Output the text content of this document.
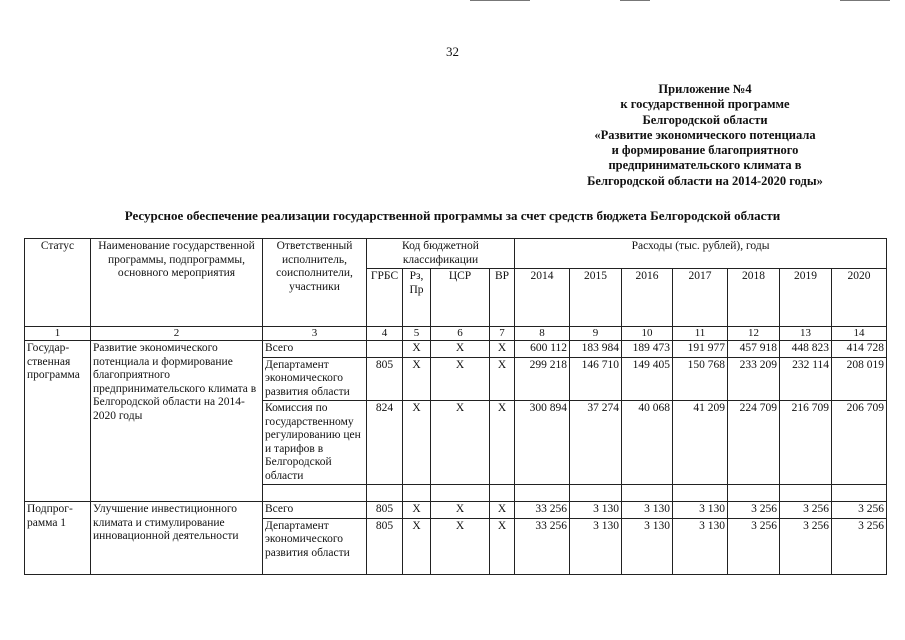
32
Приложение №4
к государственной программе
Белгородской области
«Развитие экономического потенциала
и формирование благоприятного
предпринимательского климата в
Белгородской области на 2014-2020 годы»
Ресурсное обеспечение реализации государственной программы за счет средств бюджета Белгородской области
Статус	Наименование государственной программы, подпрограммы, основного мероприятия	Ответственный исполнитель, соисполнители, участники	Код бюджетной классификации				Расходы (тыс. рублей), годы						
			ГРБС	Рз, Пр	ЦСР	ВР	2014	2015	2016	2017	2018	2019	2020
1	2	3	4	5	6	7	8	9	10	11	12	13	14
Государ-ственная программа	Развитие экономического потенциала и формирование благоприятного предпринимательского климата в Белгородской области на 2014-2020 годы	Всего		X	X	X	600 112	183 984	189 473	191 977	457 918	448 823	414 728
		Департамент экономического развития области	805	X	X	X	299 218	146 710	149 405	150 768	233 209	232 114	208 019
		Комиссия по государственному регулированию цен и тарифов в Белгородской области	824	X	X	X	300 894	37 274	40 068	41 209	224 709	216 709	206 709

Подпрог-рамма 1	Улучшение инвестиционного климата и стимулирование инновационной деятельности	Всего	805	X	X	X	33 256	3 130	3 130	3 130	3 256	3 256	3 256
		Департамент экономического развития области	805	X	X	X	33 256	3 130	3 130	3 130	3 256	3 256	3 256
